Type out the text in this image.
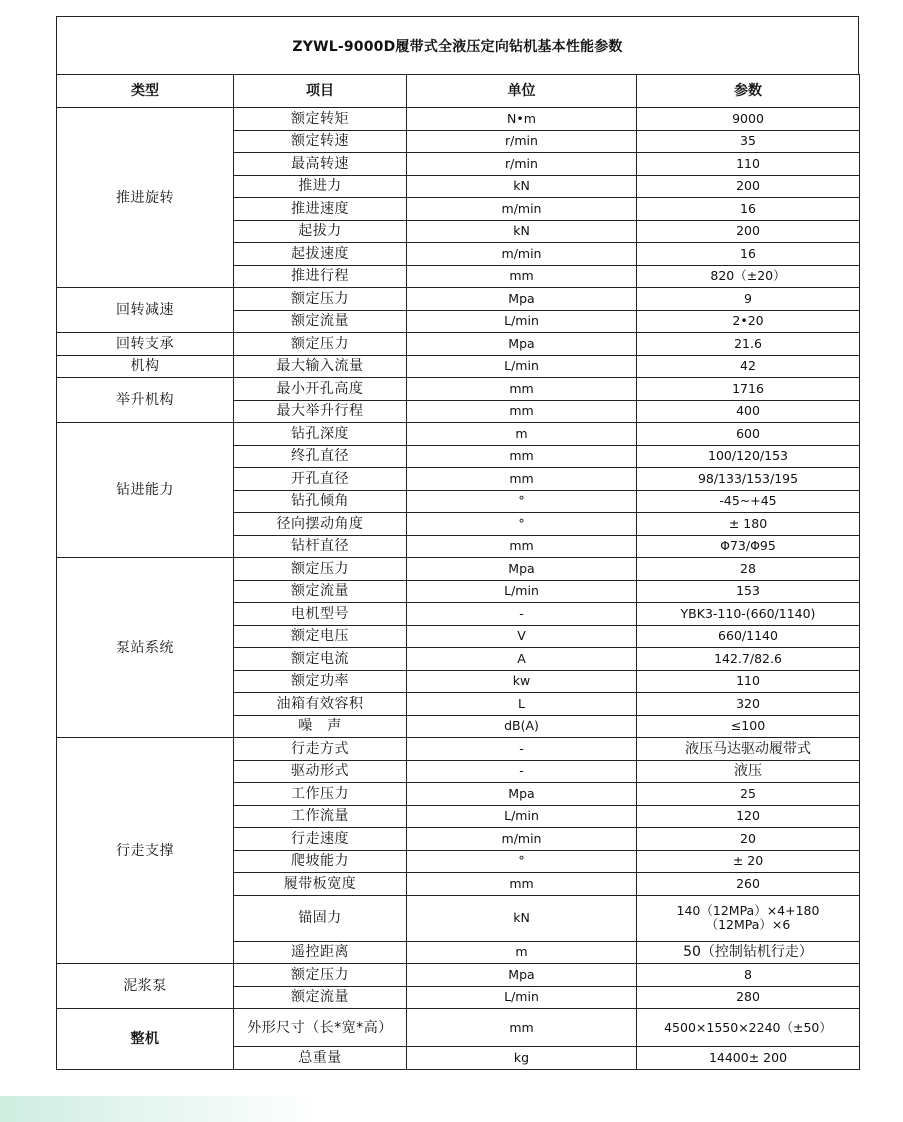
ZYWL-9000D履带式全液压定向钻机基本性能参数
类型	项目	单位	参数
推进旋转	额定转矩	N•m	9000
	额定转速	r/min	35
	最高转速	r/min	110
	推进力	kN	200
	推进速度	m/min	16
	起拔力	kN	200
	起拔速度	m/min	16
	推进行程	mm	820（±20）
回转减速	额定压力	Mpa	9
	额定流量	L/min	2•20
回转支承	额定压力	Mpa	21.6
机构	最大输入流量	L/min	42
举升机构	最小开孔高度	mm	1716
	最大举升行程	mm	400
钻进能力	钻孔深度	m	600
	终孔直径	mm	100/120/153
	开孔直径	mm	98/133/153/195
	钻孔倾角	°	-45~+45
	径向摆动角度	°	± 180
	钻杆直径	mm	Φ73/Φ95
泵站系统	额定压力	Mpa	28
	额定流量	L/min	153
	电机型号	-	YBK3-110-(660/1140)
	额定电压	V	660/1140
	额定电流	A	142.7/82.6
	额定功率	kw	110
	油箱有效容积	L	320
	噪　声	dB(A)	≤100
行走支撑	行走方式	-	液压马达驱动履带式
	驱动形式	-	液压
	工作压力	Mpa	25
	工作流量	L/min	120
	行走速度	m/min	20
	爬坡能力	°	± 20
	履带板宽度	mm	260
	锚固力	kN	140（12MPa）×4+180（12MPa）×6
	遥控距离	m	50（控制钻机行走）
泥浆泵	额定压力	Mpa	8
	额定流量	L/min	280
整机	外形尺寸（长*宽*高）	mm	4500×1550×2240（±50）
	总重量	kg	14400± 200
